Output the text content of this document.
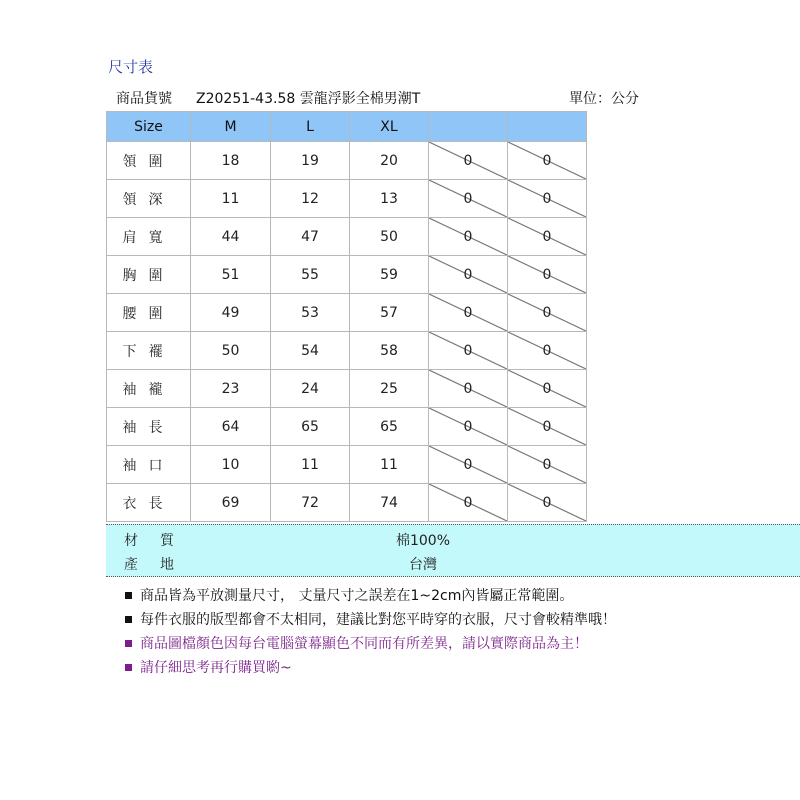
尺寸表
商品貨號 Z20251-43.58 雲龍浮影全棉男潮T	單位：公分
Size	M	L	XL		
領圍	18	19	20	0	0
領深	11	12	13	0	0
肩寬	44	47	50	0	0
胸圍	51	55	59	0	0
腰圍	49	53	57	0	0
下襬	50	54	58	0	0
袖襱	23	24	25	0	0
袖長	64	65	65	0	0
袖口	10	11	11	0	0
衣長	69	72	74	0	0
材質	棉100%
產地	台灣
商品皆為平放測量尺寸， 丈量尺寸之誤差在1~2cm內皆屬正常範圍。
每件衣服的版型都會不太相同，建議比對您平時穿的衣服，尺寸會較精準哦！
商品圖檔顏色因每台電腦螢幕顯色不同而有所差異，請以實際商品為主！
請仔細思考再行購買喲~
